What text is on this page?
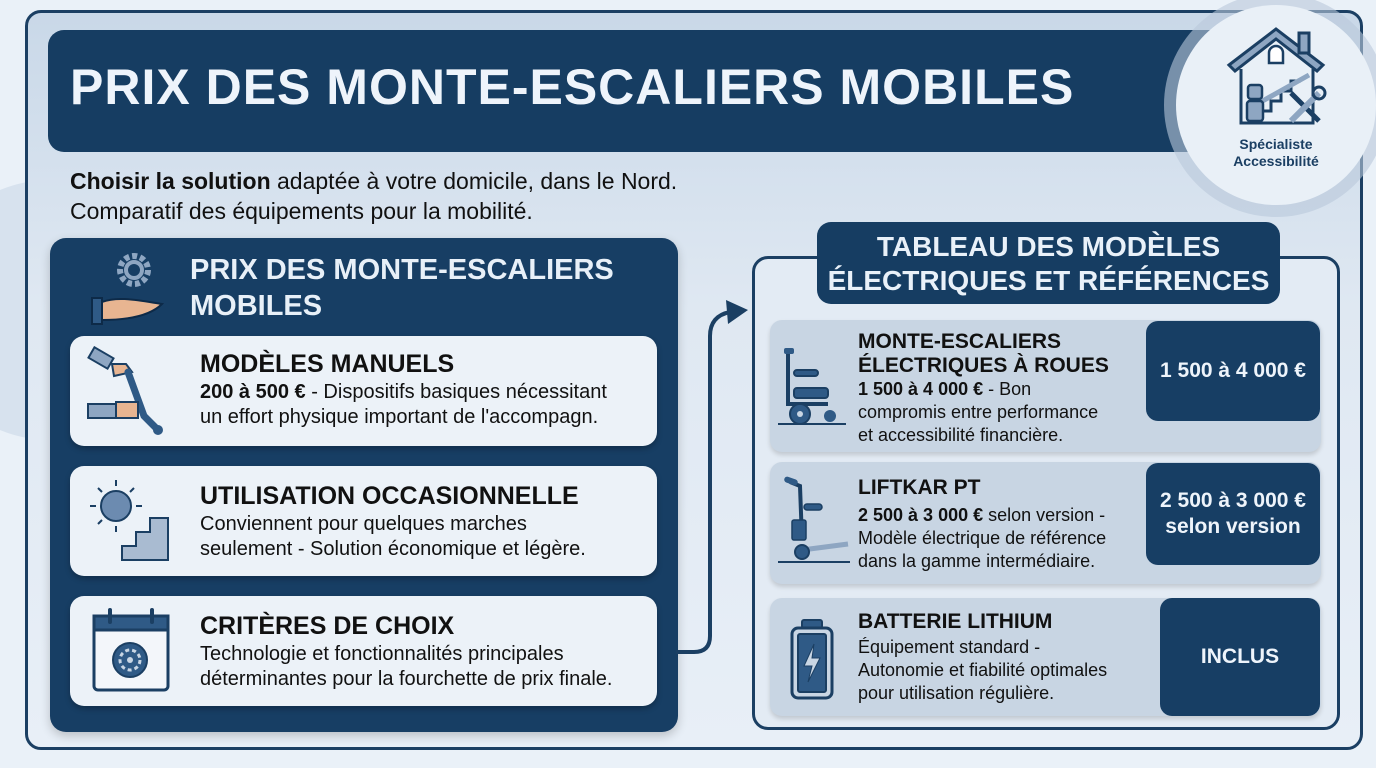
PRIX DES MONTE-ESCALIERS MOBILES
Spécialiste
Accessibilité
Choisir la solution adaptée à votre domicile, dans le Nord.
Comparatif des équipements pour la mobilité.
PRIX DES MONTE-ESCALIERS
MOBILES
MODÈLES MANUELS
200 à 500 € - Dispositifs basiques nécessitant
un effort physique important de l'accompagn.
UTILISATION OCCASIONNELLE
Conviennent pour quelques marches
seulement - Solution économique et légère.
CRITÈRES DE CHOIX
Technologie et fonctionnalités principales
déterminantes pour la fourchette de prix finale.
TABLEAU DES MODÈLES
ÉLECTRIQUES ET RÉFÉRENCES
MONTE-ESCALIERS
ÉLECTRIQUES À ROUES
1 500 à 4 000 € - Bon
compromis entre performance
et accessibilité financière.
1 500 à 4 000 €
LIFTKAR PT
2 500 à 3 000 € selon version -
Modèle électrique de référence
dans la gamme intermédiaire.
2 500 à 3 000 €
selon version
BATTERIE LITHIUM
Équipement standard -
Autonomie et fiabilité optimales
pour utilisation régulière.
INCLUS
